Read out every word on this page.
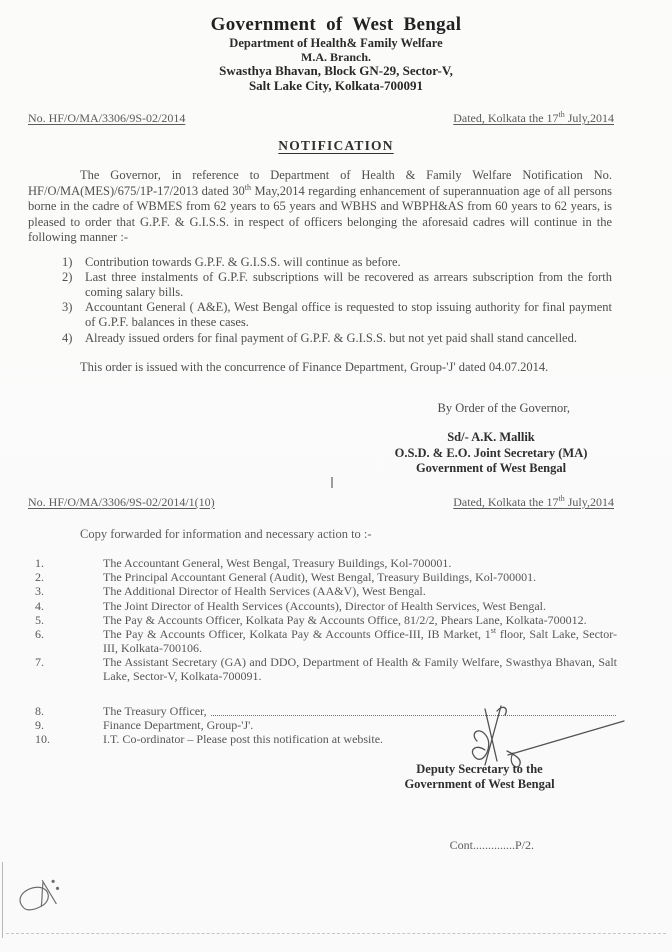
Government of West Bengal
Department of Health& Family Welfare
M.A. Branch.
Swasthya Bhavan, Block GN-29, Sector-V,
Salt Lake City, Kolkata-700091
No. HF/O/MA/3306/9S-02/2014	Dated, Kolkata the 17th July,2014
NOTIFICATION

The Governor, in reference to Department of Health & Family Welfare Notification No. HF/O/MA(MES)/675/1P-17/2013 dated 30th May,2014 regarding enhancement of superannuation age of all persons borne in the cadre of WBMES from 62 years to 65 years and WBHS and WBPH&AS from 60 years to 62 years, is pleased to order that G.P.F. & G.I.S.S. in respect of officers belonging the aforesaid cadres will continue in the following manner :-

1)	Contribution towards G.P.F. & G.I.S.S. will continue as before.
2)	Last three instalments of G.P.F. subscriptions will be recovered as arrears subscription from the forth coming salary bills.
3)	Accountant General ( A&E), West Bengal office is requested to stop issuing authority for final payment of G.P.F. balances in these cases.
4)	Already issued orders for final payment of G.P.F. & G.I.S.S. but not yet paid shall stand cancelled.

This order is issued with the concurrence of Finance Department, Group-'J' dated 04.07.2014.

By Order of the Governor,
Sd/- A.K. Mallik
O.S.D. & E.O. Joint Secretary (MA)
Government of West Bengal
No. HF/O/MA/3306/9S-02/2014/1(10)	Dated, Kolkata the 17th July,2014
Copy forwarded for information and necessary action to :-
1.	The Accountant General, West Bengal, Treasury Buildings, Kol-700001.
2.	The Principal Accountant General (Audit), West Bengal, Treasury Buildings, Kol-700001.
3.	The Additional Director of Health Services (AA&V), West Bengal.
4.	The Joint Director of Health Services (Accounts), Director of Health Services, West Bengal.
5.	The Pay & Accounts Officer, Kolkata Pay & Accounts Office, 81/2/2, Phears Lane, Kolkata-700012.
6.	The Pay & Accounts Officer, Kolkata Pay & Accounts Office-III, IB Market, 1st floor, Salt Lake, Sector-III, Kolkata-700106.
7.	The Assistant Secretary (GA) and DDO, Department of Health & Family Welfare, Swasthya Bhavan, Salt Lake, Sector-V, Kolkata-700091.
8.	The Treasury Officer,
9.	Finance Department, Group-'J'.
10.	I.T. Co-ordinator – Please post this notification at website.
Deputy Secretary to the
Government of West Bengal
Cont..............P/2.
